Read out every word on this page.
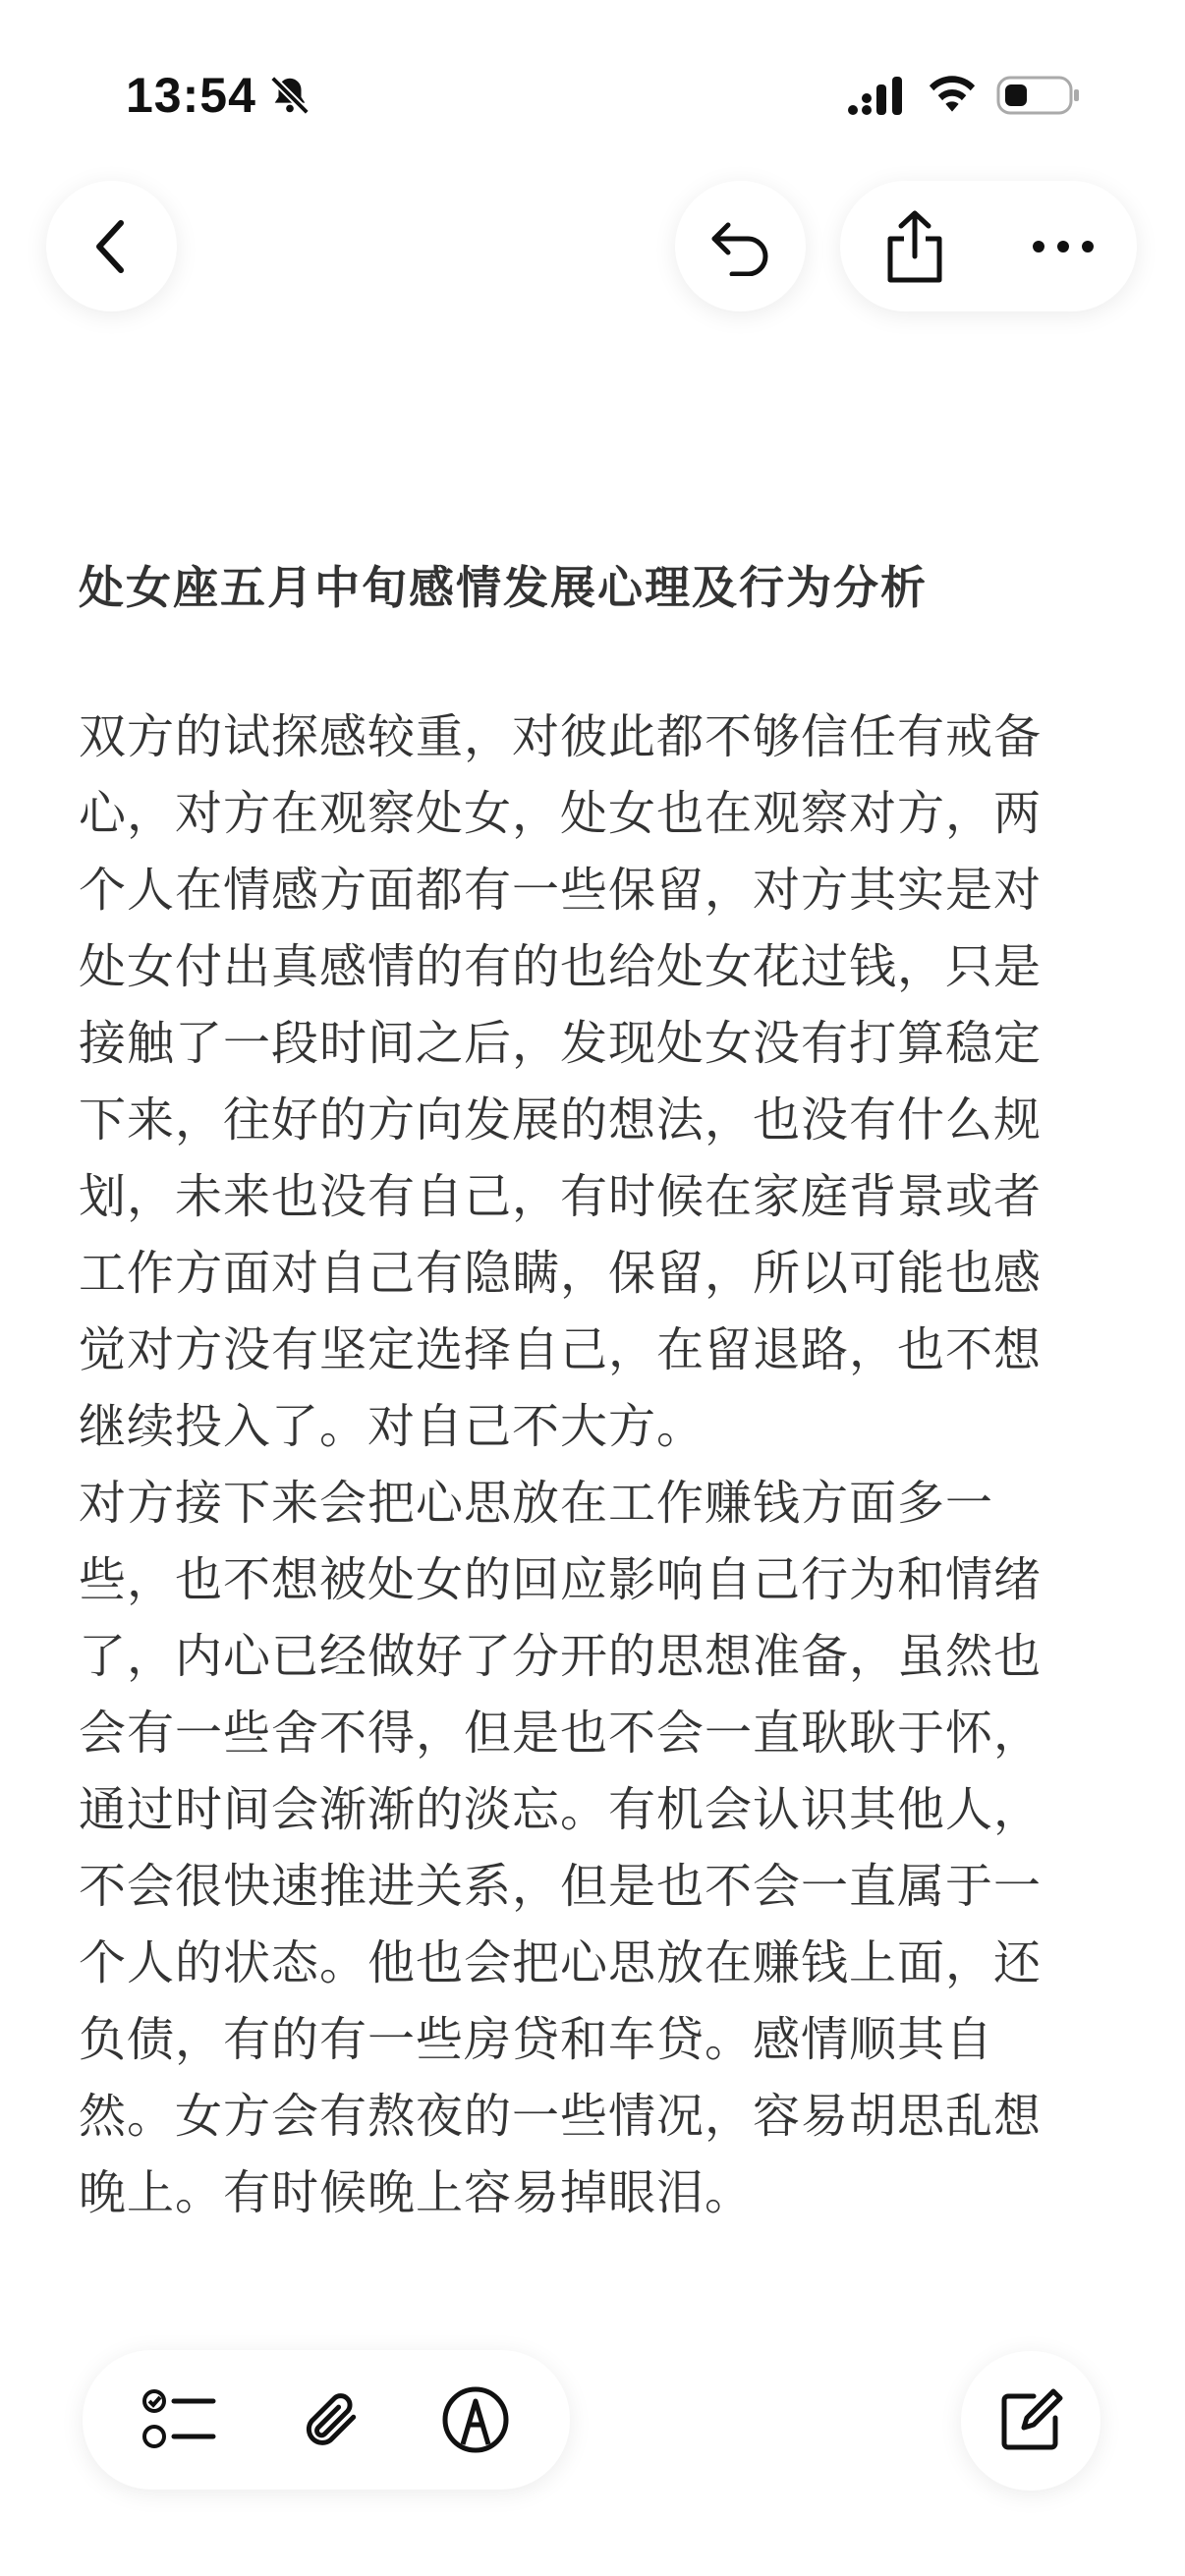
13:54
处女座五月中旬感情发展心理及行为分析
双方的试探感较重，对彼此都不够信任有戒备
心，对方在观察处女，处女也在观察对方，两
个人在情感方面都有一些保留，对方其实是对
处女付出真感情的有的也给处女花过钱，只是
接触了一段时间之后，发现处女没有打算稳定
下来，往好的方向发展的想法，也没有什么规
划，未来也没有自己，有时候在家庭背景或者
工作方面对自己有隐瞒，保留，所以可能也感
觉对方没有坚定选择自己，在留退路，也不想
继续投入了。对自己不大方。
对方接下来会把心思放在工作赚钱方面多一
些，也不想被处女的回应影响自己行为和情绪
了，内心已经做好了分开的思想准备，虽然也
会有一些舍不得，但是也不会一直耿耿于怀，
通过时间会渐渐的淡忘。有机会认识其他人，
不会很快速推进关系，但是也不会一直属于一
个人的状态。他也会把心思放在赚钱上面，还
负债，有的有一些房贷和车贷。感情顺其自
然。女方会有熬夜的一些情况，容易胡思乱想
晚上。有时候晚上容易掉眼泪。
